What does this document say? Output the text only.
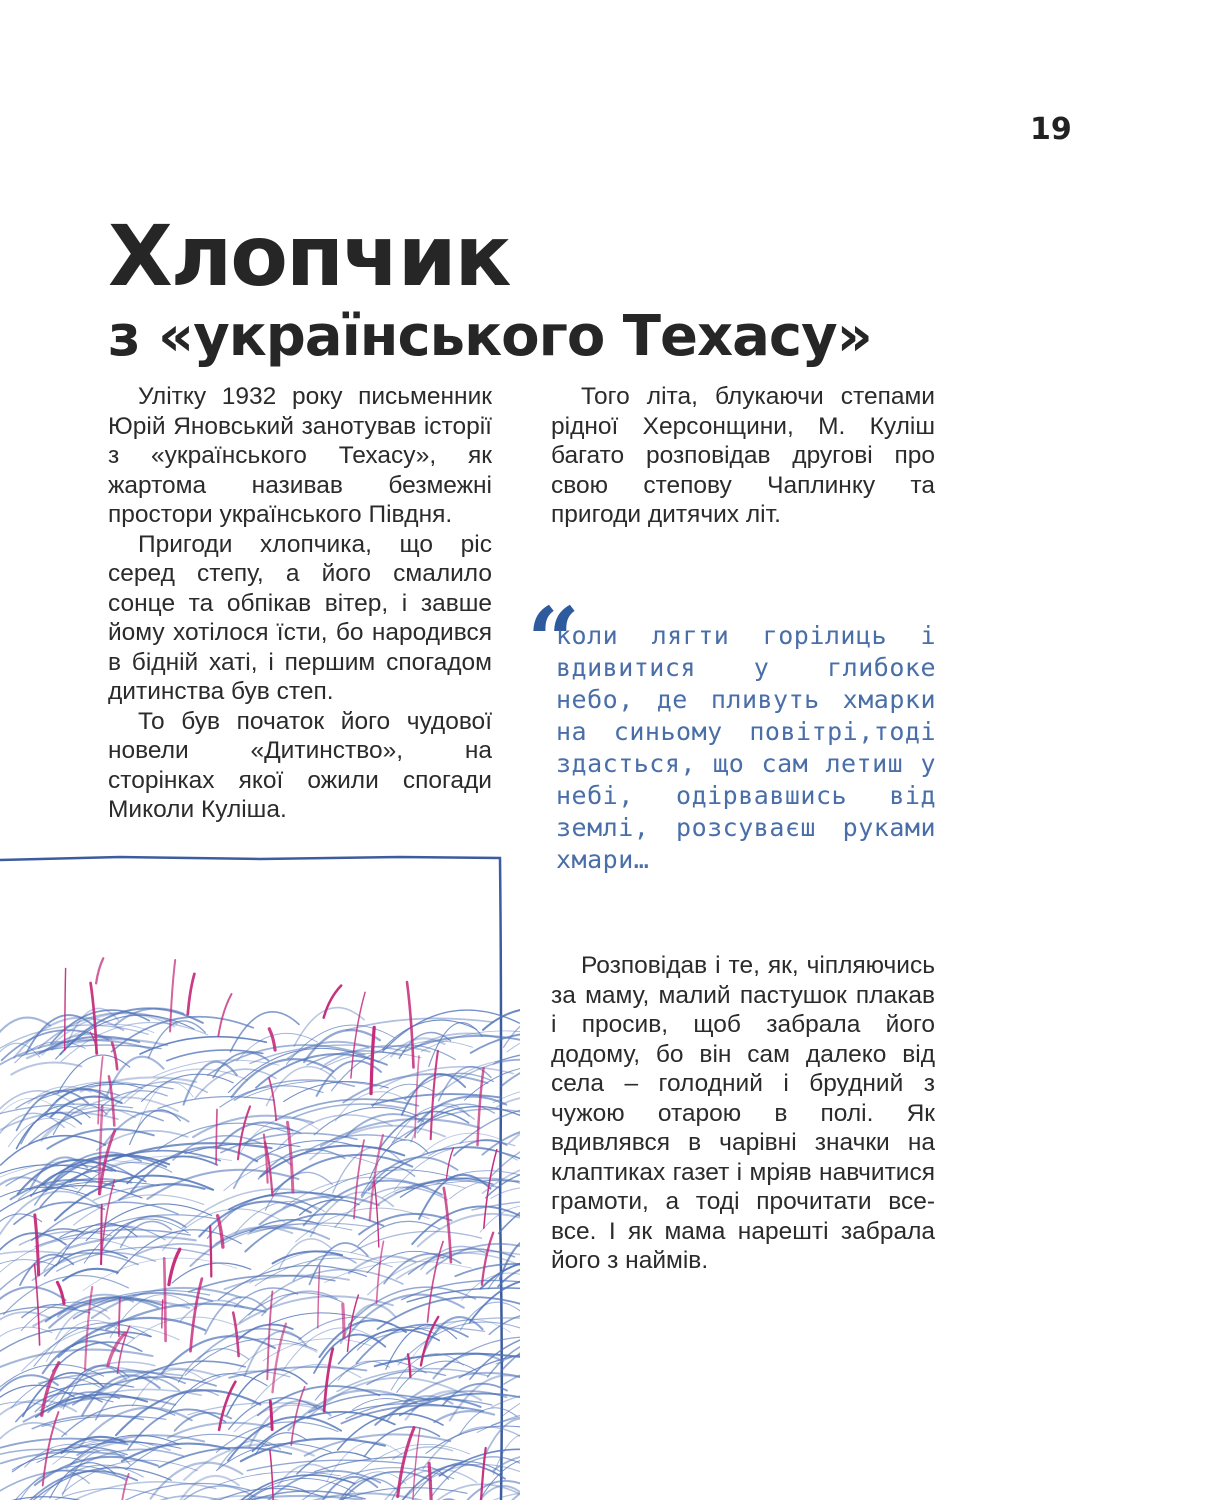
19
Хлопчик
з «українського Техасу»

Улітку 1932 року письменник Юрій Яновський занотував історії з «українського Техасу», як жартома називав безмежні простори українського Півдня.

Пригоди хлопчика, що ріс серед степу, а його смалило сонце та обпікав вітер, і завше йому хотілося їсти, бо народився в бідній хаті, і першим спогадом дитинства був степ.

То був початок його чудової новели «Дитинство», на сторінках якої ожили спогади Миколи Куліша.

Того літа, блукаючи степами рідної Херсонщини, М. Куліш багато розповідав другові про свою степову Чаплинку та пригоди дитячих літ.

“
коли лягти горілиць і вдивитися у глибоке небо, де пливуть хмарки на синьому повітрі,тоді здасться, що сам летиш у небі, одірвавшись від землі, розсуваєш руками хмари…

Розповідав і те, як, чіпляючись за маму, малий пастушок плакав і просив, щоб забрала його додому, бо він сам далеко від села – голодний і брудний з чужою отарою в полі. Як вдивлявся в чарівні значки на клаптиках газет і мріяв навчитися грамоти, а тоді прочитати все-все. І як мама нарешті забрала його з наймів.
